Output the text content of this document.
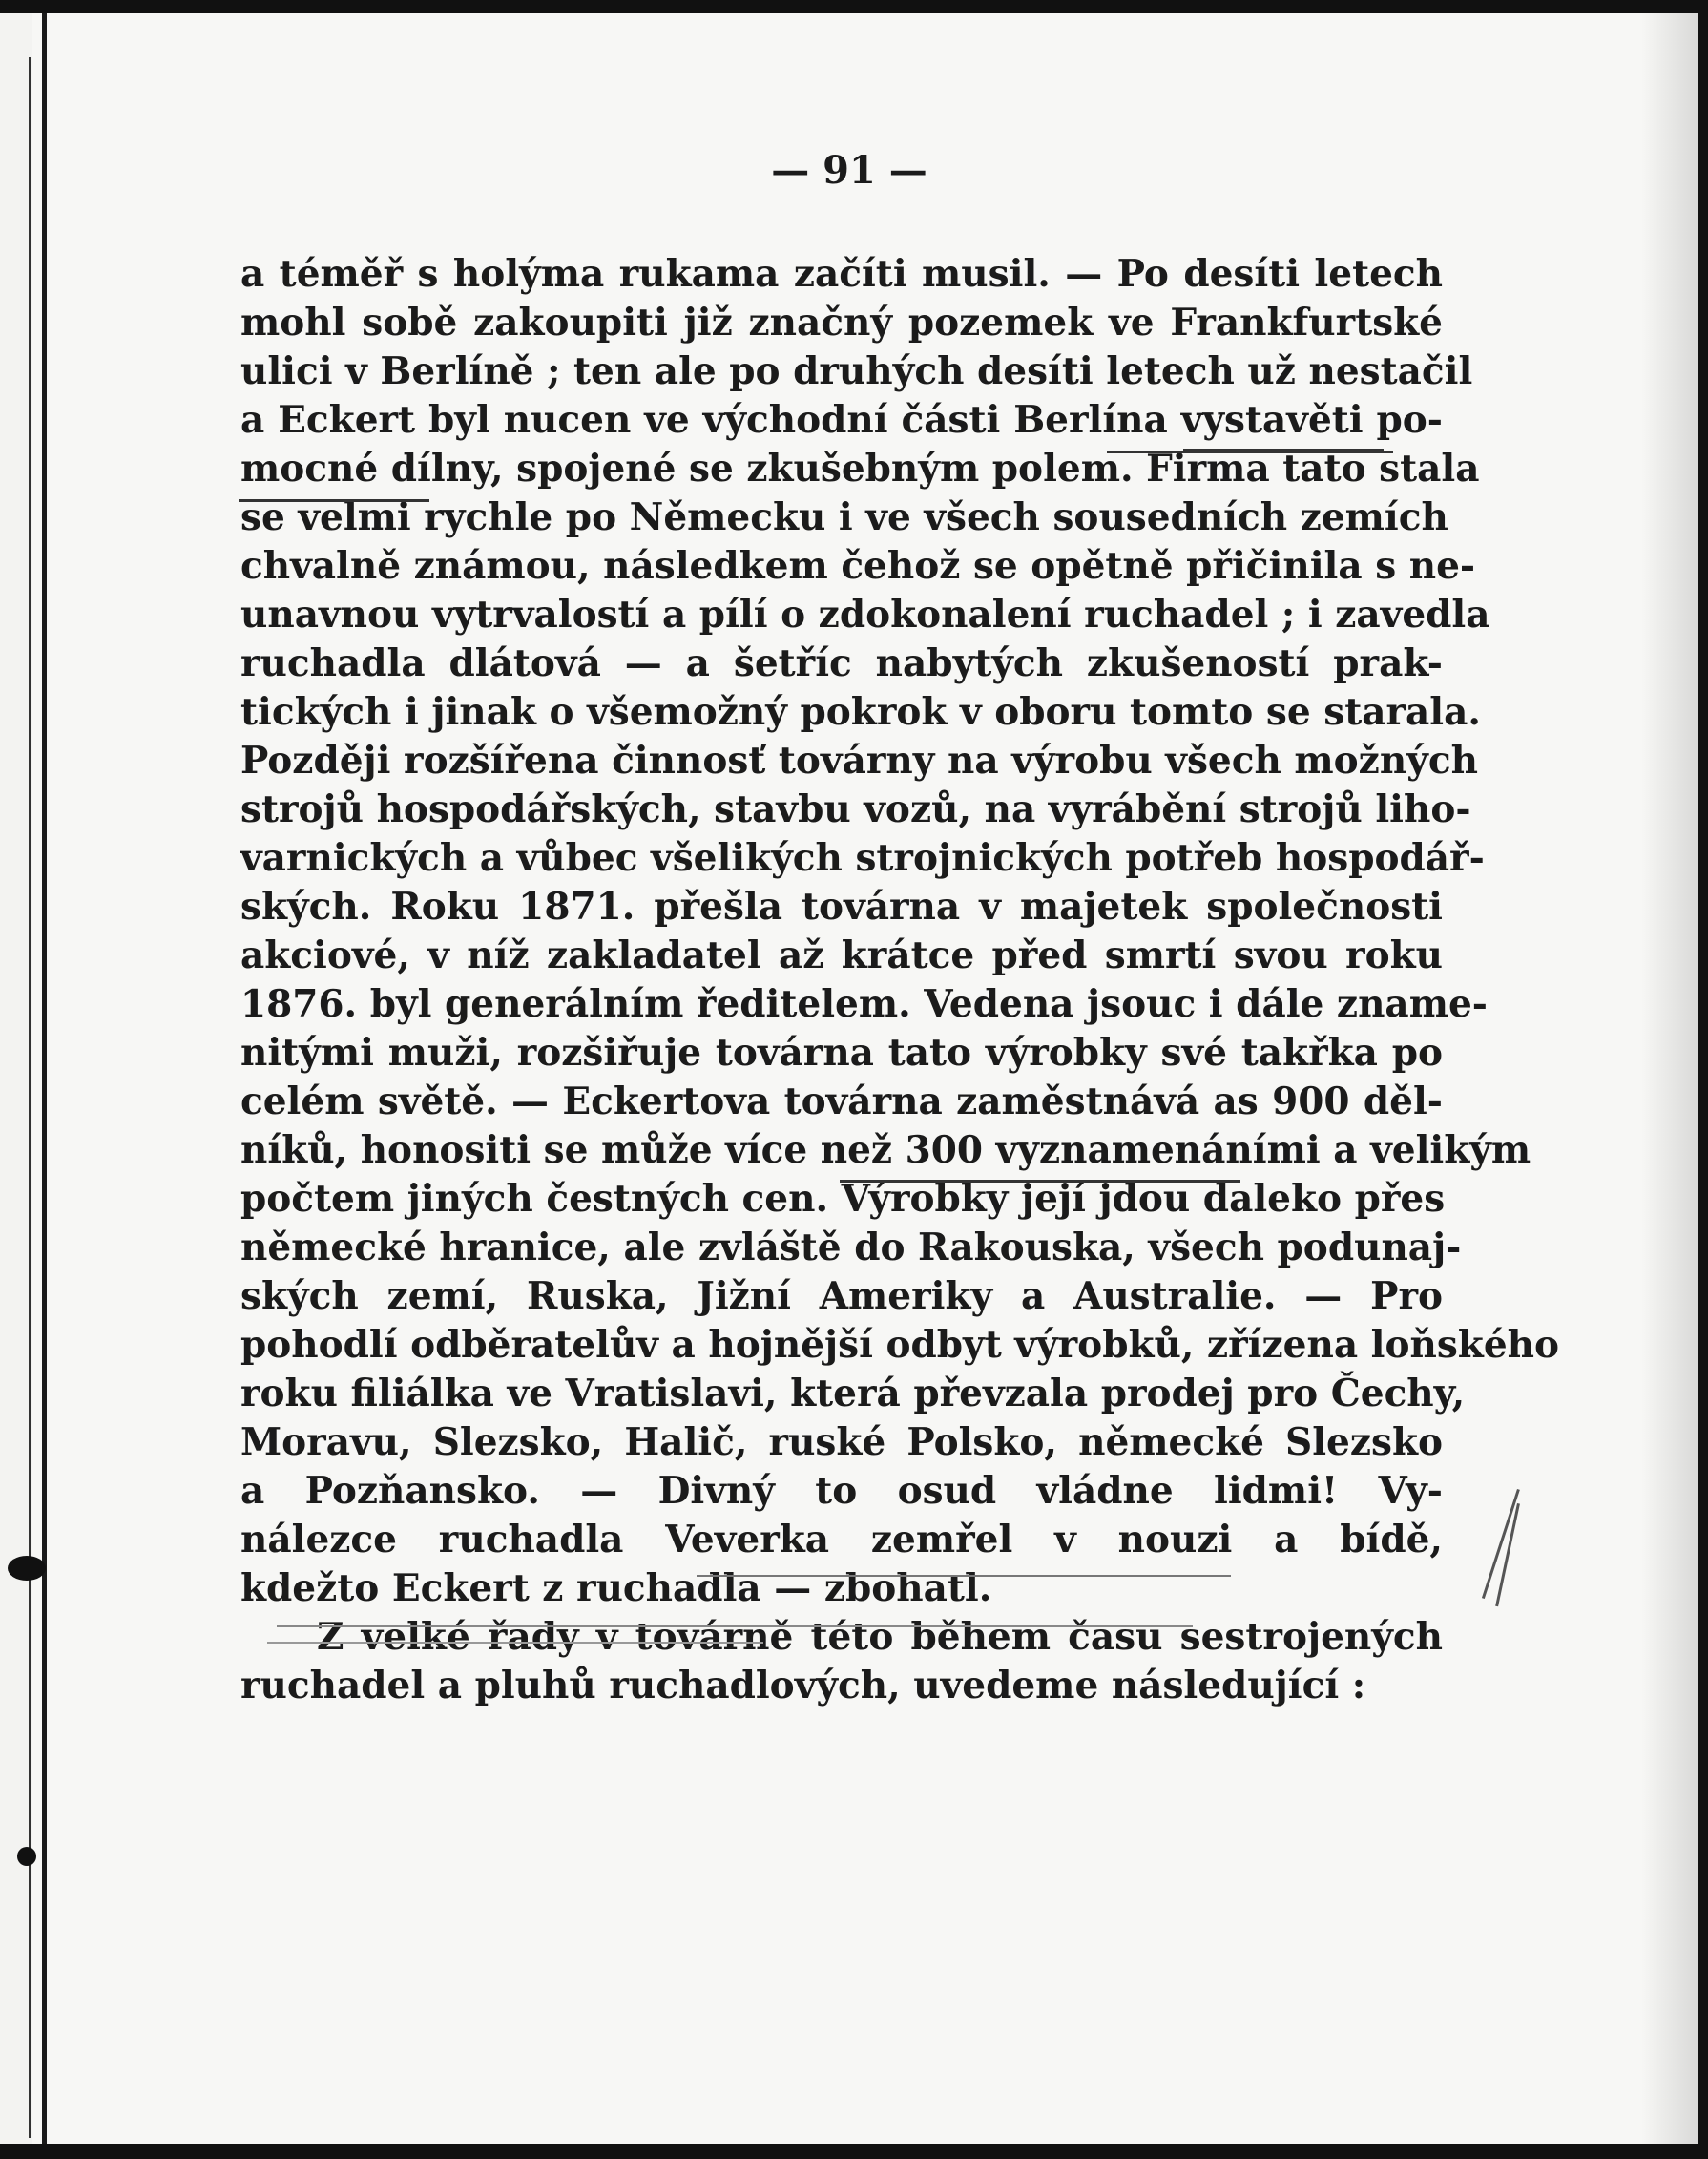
— 91 —
a téměř s holýma rukama začíti musil. — Po desíti letech
mohl sobě zakoupiti již značný pozemek ve Frankfurtské
ulici v Berlíně ; ten ale po druhých desíti letech už nestačil
a Eckert byl nucen ve východní části Berlína vystavěti po-
mocné dílny, spojené se zkušebným polem. Firma tato stala
se velmi rychle po Německu i ve všech sousedních zemích
chvalně známou, následkem čehož se opětně přičinila s ne-
unavnou vytrvalostí a pílí o zdokonalení ruchadel ; i zavedla
ruchadla dlátová — a šetříc nabytých zkušeností prak-
tických i jinak o všemožný pokrok v oboru tomto se starala.
Později rozšířena činnosť továrny na výrobu všech možných
strojů hospodářských, stavbu vozů, na vyrábění strojů liho-
varnických a vůbec všelikých strojnických potřeb hospodář-
ských. Roku 1871. přešla továrna v majetek společnosti
akciové, v níž zakladatel až krátce před smrtí svou roku
1876. byl generálním ředitelem. Vedena jsouc i dále zname-
nitými muži, rozšiřuje továrna tato výrobky své takřka po
celém světě. — Eckertova továrna zaměstnává as 900 děl-
níků, honositi se může více než 300 vyznamenáními a velikým
počtem jiných čestných cen. Výrobky její jdou daleko přes
německé hranice, ale zvláště do Rakouska, všech podunaj-
ských zemí, Ruska, Jižní Ameriky a Australie. — Pro
pohodlí odběratelův a hojnější odbyt výrobků, zřízena loňského
roku filiálka ve Vratislavi, která převzala prodej pro Čechy,
Moravu, Slezsko, Halič, ruské Polsko, německé Slezsko
a Pozňansko. — Divný to osud vládne lidmi! Vy-
nálezce ruchadla Veverka zemřel v nouzi a bídě,
kdežto Eckert z ruchadla — zbohatl.
Z velké řady v továrně této během času sestrojených
ruchadel a pluhů ruchadlových, uvedeme následující :
